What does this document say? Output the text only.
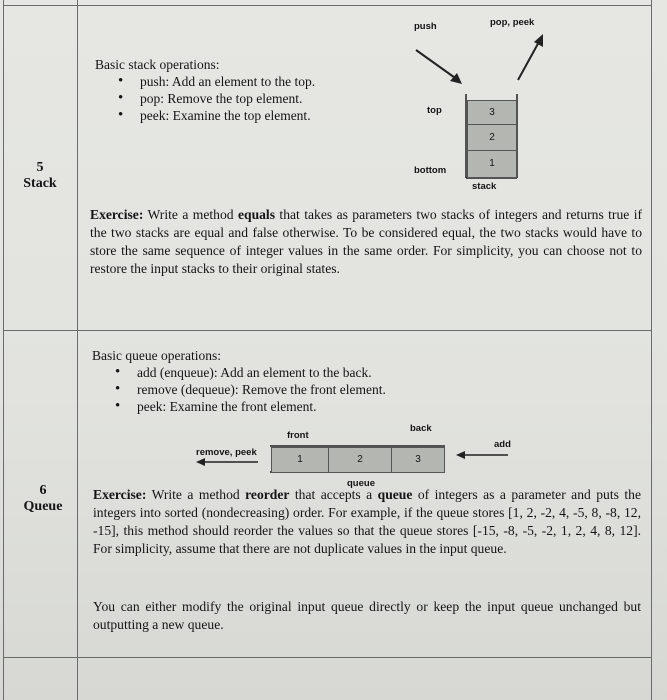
5
Stack
Basic stack operations:
• push: Add an element to the top.
• pop: Remove the top element.
• peek: Examine the top element.
push	pop, peek
top
bottom
stack
3
2
1
Exercise: Write a method equals that takes as parameters two stacks of integers and returns true if the two stacks are equal and false otherwise. To be considered equal, the two stacks would have to store the same sequence of integer values in the same order. For simplicity, you can choose not to restore the input stacks to their original states.
6
Queue
Basic queue operations:
• add (enqueue): Add an element to the back.
• remove (dequeue): Remove the front element.
• peek: Examine the front element.
front
back
remove, peek
add
queue
1	2	3
Exercise: Write a method reorder that accepts a queue of integers as a parameter and puts the integers into sorted (nondecreasing) order. For example, if the queue stores [1, 2, -2, 4, -5, 8, -8, 12, -15], this method should reorder the values so that the queue stores [-15, -8, -5, -2, 1, 2, 4, 8, 12]. For simplicity, assume that there are not duplicate values in the input queue.
You can either modify the original input queue directly or keep the input queue unchanged but outputting a new queue.
